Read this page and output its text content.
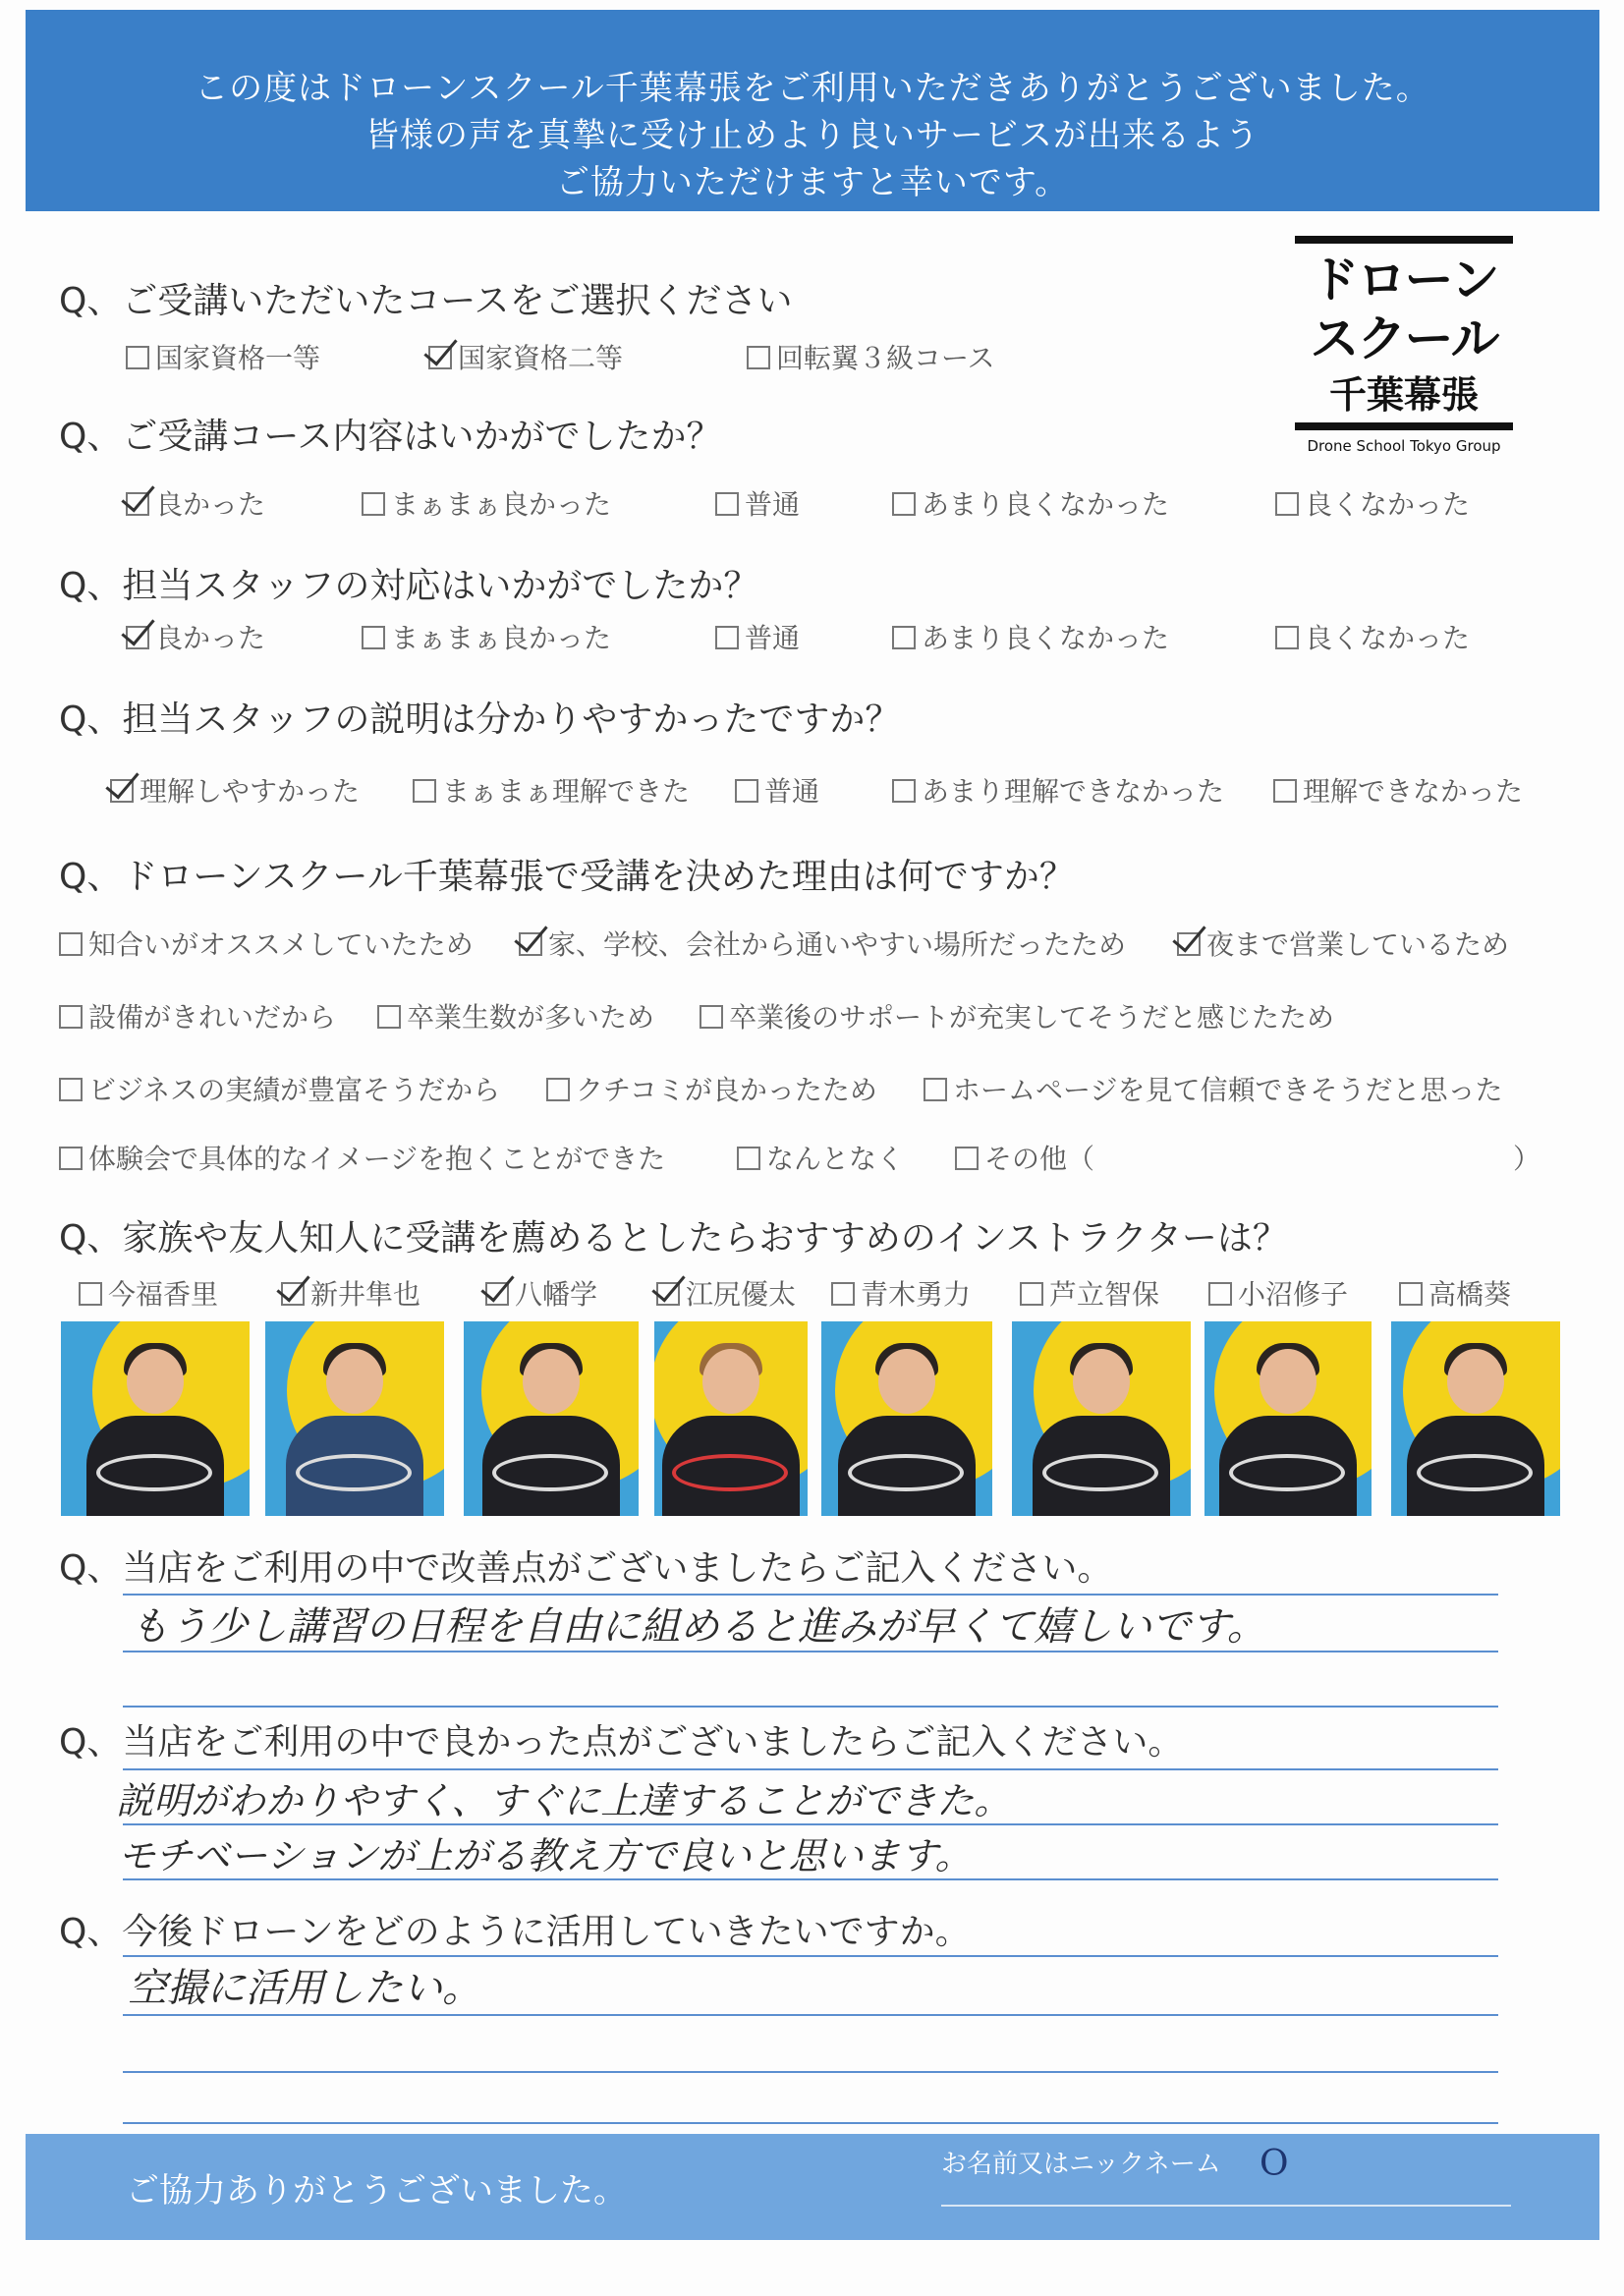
この度はドローンスクール千葉幕張をご利用いただきありがとうございました。
皆様の声を真摯に受け止めより良いサービスが出来るよう
ご協力いただけますと幸いです。
ドローン
スクール
千葉幕張
Drone School Tokyo Group
Q、ご受講いただいたコースをご選択ください
国家資格一等	国家資格二等	回転翼３級コース
Q、ご受講コース内容はいかがでしたか？
良かった	まぁまぁ良かった	普通	あまり良くなかった	良くなかった
Q、担当スタッフの対応はいかがでしたか？
良かった	まぁまぁ良かった	普通	あまり良くなかった	良くなかった
Q、担当スタッフの説明は分かりやすかったですか？
理解しやすかった	まぁまぁ理解できた	普通	あまり理解できなかった	理解できなかった
Q、ドローンスクール千葉幕張で受講を決めた理由は何ですか？
知合いがオススメしていたため	家、学校、会社から通いやすい場所だったため	夜まで営業しているため
設備がきれいだから	卒業生数が多いため	卒業後のサポートが充実してそうだと感じたため
ビジネスの実績が豊富そうだから	クチコミが良かったため	ホームページを見て信頼できそうだと思った
体験会で具体的なイメージを抱くことができた	なんとなく	その他（	）
Q、家族や友人知人に受講を薦めるとしたらおすすめのインストラクターは？
今福香里	新井隼也	八幡学	江尻優太	青木勇力	芦立智保	小沼修子	高橋葵
Q、当店をご利用の中で改善点がございましたらご記入ください。
もう少し講習の日程を自由に組めると進みが早くて嬉しいです。
Q、当店をご利用の中で良かった点がございましたらご記入ください。
説明がわかりやすく、すぐに上達することができた。
モチベーションが上がる教え方で良いと思います。
Q、今後ドローンをどのように活用していきたいですか。
空撮に活用したい。
ご協力ありがとうございました。
お名前又はニックネーム O
